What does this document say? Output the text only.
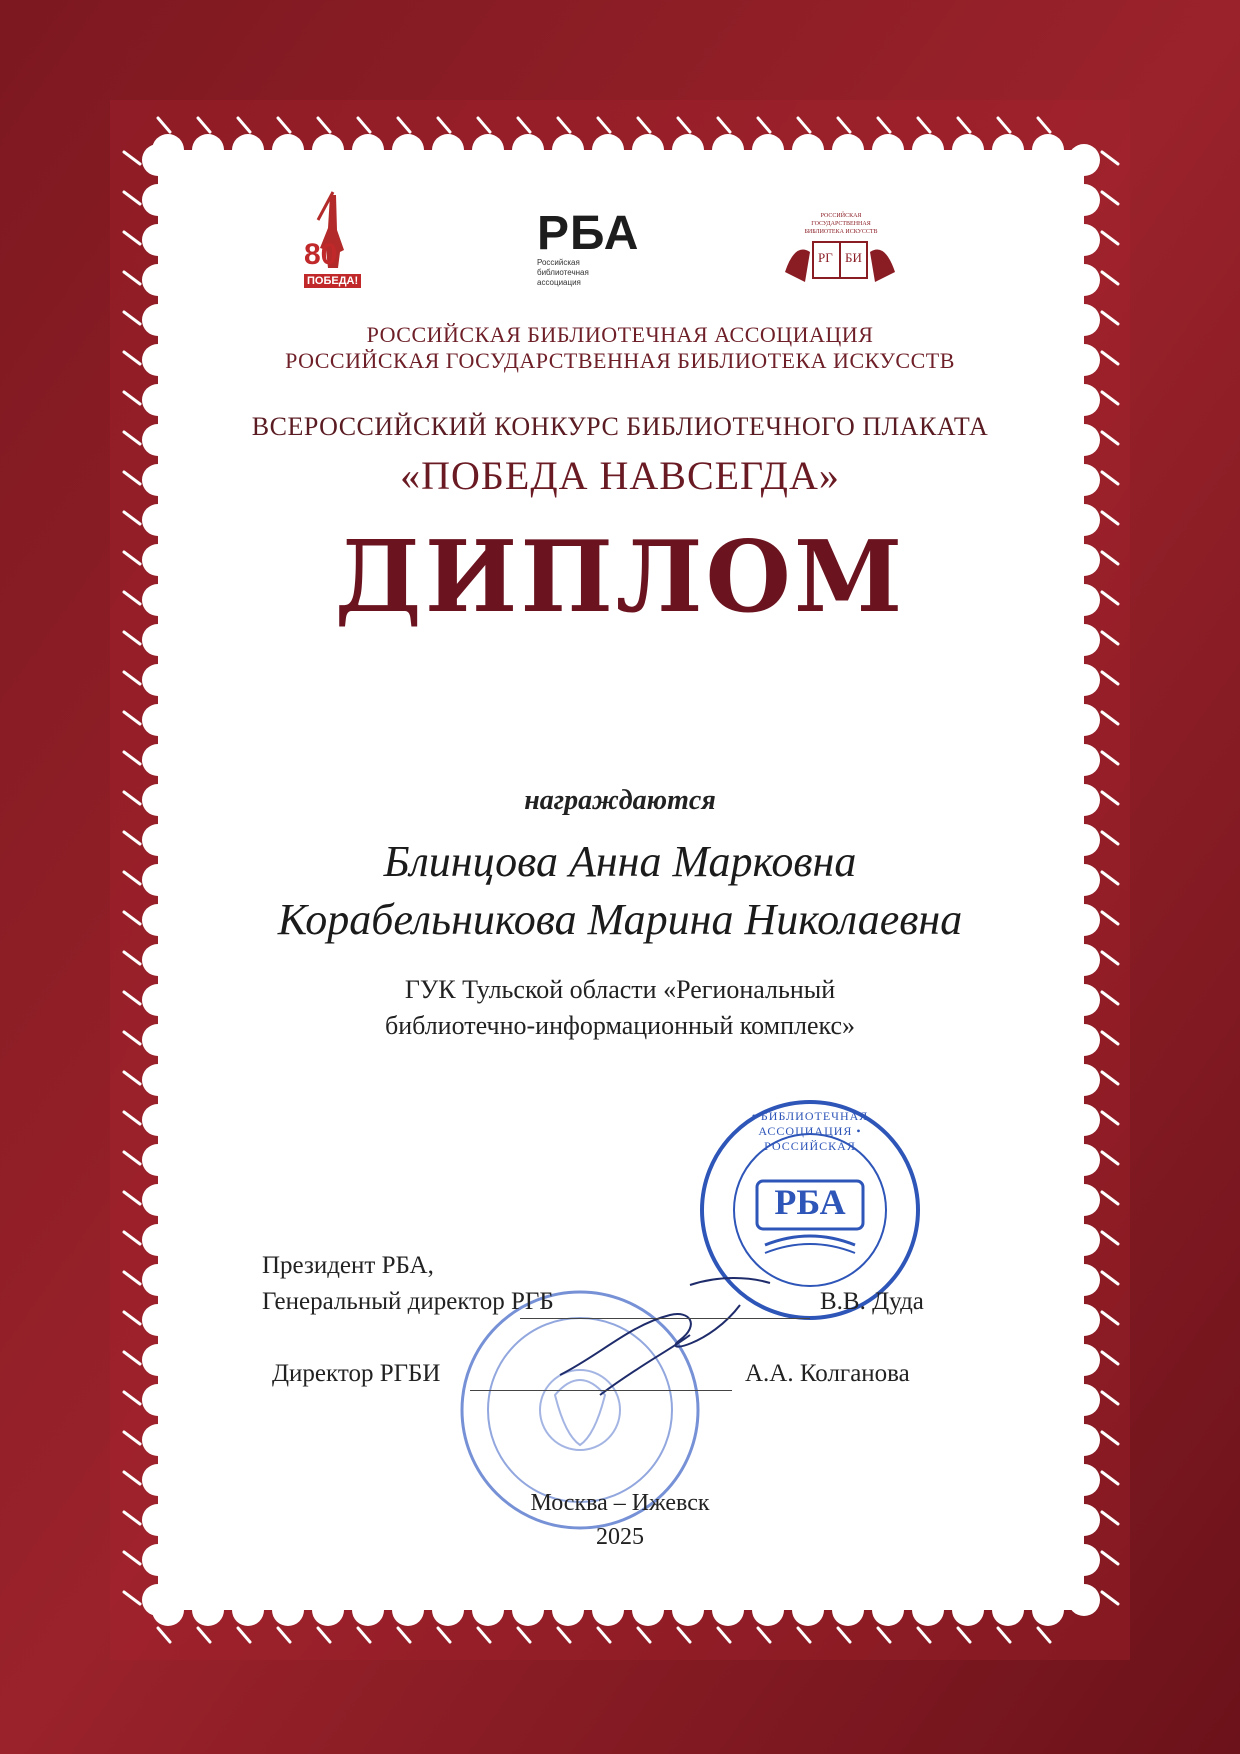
80
ПОБЕДА!
РБА
Российская
библиотечная
ассоциация
РОССИЙСКАЯ ГОСУДАРСТВЕННАЯ БИБЛИОТЕКА ИСКУССТВ
РГ БИ
РОССИЙСКАЯ БИБЛИОТЕЧНАЯ АССОЦИАЦИЯ
РОССИЙСКАЯ ГОСУДАРСТВЕННАЯ БИБЛИОТЕКА ИСКУССТВ
ВСЕРОССИЙСКИЙ КОНКУРС БИБЛИОТЕЧНОГО ПЛАКАТА
«ПОБЕДА НАВСЕГДА»
ДИПЛОМ
награждаются
Блинцова Анна Марковна
Корабельникова Марина Николаевна
ГУК Тульской области «Региональный
библиотечно-информационный комплекс»
РБА
• БИБЛИОТЕЧНАЯ АССОЦИАЦИЯ • РОССИЙСКАЯ
Президент РБА,
Генеральный директор РГБ	В.В. Дуда
Директор РГБИ	А.А. Колганова
Москва – Ижевск
2025
